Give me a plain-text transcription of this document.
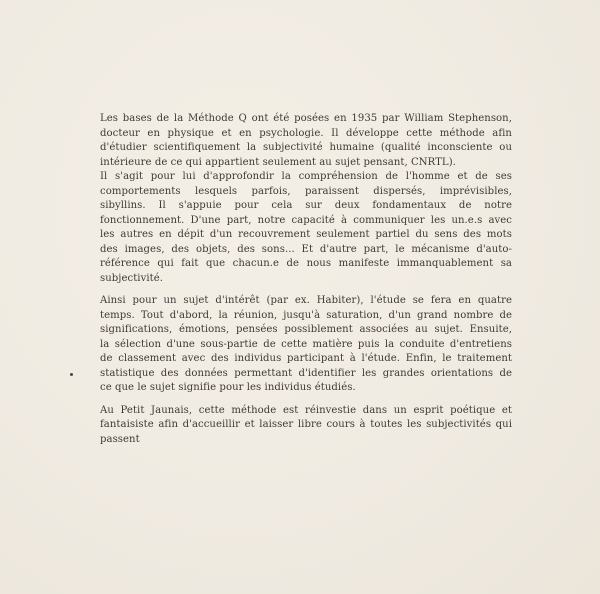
Les bases de la Méthode Q ont été posées en 1935 par William Stephenson,
docteur en physique et en psychologie. Il développe cette méthode afin
d'étudier scientifiquement la subjectivité humaine (qualité inconsciente ou
intérieure de ce qui appartient seulement au sujet pensant, CNRTL).
Il s'agit pour lui d'approfondir la compréhension de l'homme et de ses
comportements lesquels parfois, paraissent dispersés, imprévisibles,
sibyllins. Il s'appuie pour cela sur deux fondamentaux de notre
fonctionnement. D'une part, notre capacité à communiquer les un.e.s avec
les autres en dépit d'un recouvrement seulement partiel du sens des mots
des images, des objets, des sons... Et d'autre part, le mécanisme d'auto-
référence qui fait que chacun.e de nous manifeste immanquablement sa
subjectivité.
Ainsi pour un sujet d'intérêt (par ex. Habiter), l'étude se fera en quatre
temps. Tout d'abord, la réunion, jusqu'à saturation, d'un grand nombre de
significations, émotions, pensées possiblement associées au sujet. Ensuite,
la sélection d'une sous-partie de cette matière puis la conduite d'entretiens
de classement avec des individus participant à l'étude. Enfin, le traitement
statistique des données permettant d'identifier les grandes orientations de
ce que le sujet signifie pour les individus étudiés.
Au Petit Jaunais, cette méthode est réinvestie dans un esprit poétique et
fantaisiste afin d'accueillir et laisser libre cours à toutes les subjectivités qui
passent
